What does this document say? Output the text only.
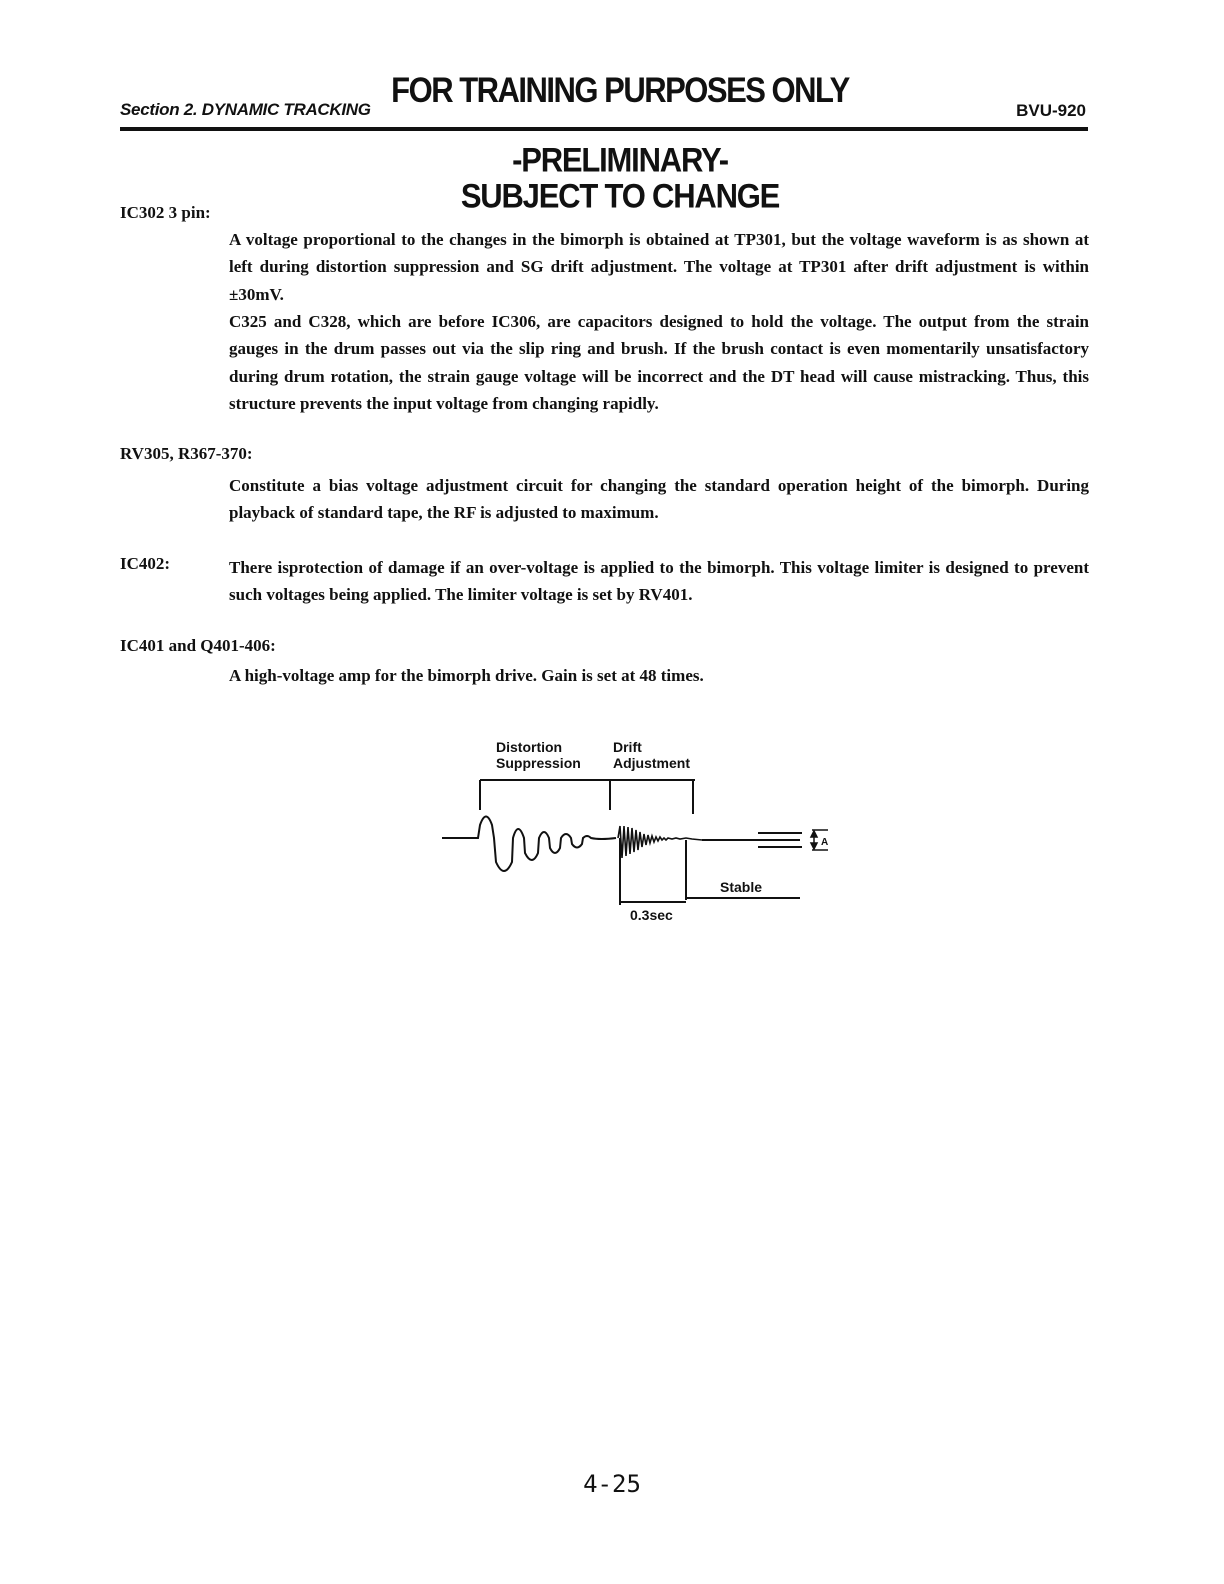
Section 2. DYNAMIC TRACKING FOR TRAINING PURPOSES ONLY
BVU-920
-PRELIMINARY-
SUBJECT TO CHANGE
IC302 3 pin:

A voltage proportional to the changes in the bimorph is obtained at TP301, but the voltage waveform is as shown at left during distortion suppression and SG drift adjustment. The voltage at TP301 after drift adjustment is within ±30mV.

C325 and C328, which are before IC306, are capacitors designed to hold the voltage. The output from the strain gauges in the drum passes out via the slip ring and brush. If the brush contact is even momentarily unsatisfactory during drum rotation, the strain gauge voltage will be incorrect and the DT head will cause mistracking. Thus, this structure prevents the input voltage from changing rapidly.

RV305, R367-370:

Constitute a bias voltage adjustment circuit for changing the standard operation height of the bimorph. During playback of standard tape, the RF is adjusted to maximum.

IC402:	There isprotection of damage if an over-voltage is applied to the bimorph. This voltage limiter is designed to prevent such voltages being applied. The limiter voltage is set by RV401.

IC401 and Q401-406:

A high-voltage amp for the bimorph drive. Gain is set at 48 times.

Distortion
Suppression
Drift
Adjustment
A
Stable
0.3sec
4-25
